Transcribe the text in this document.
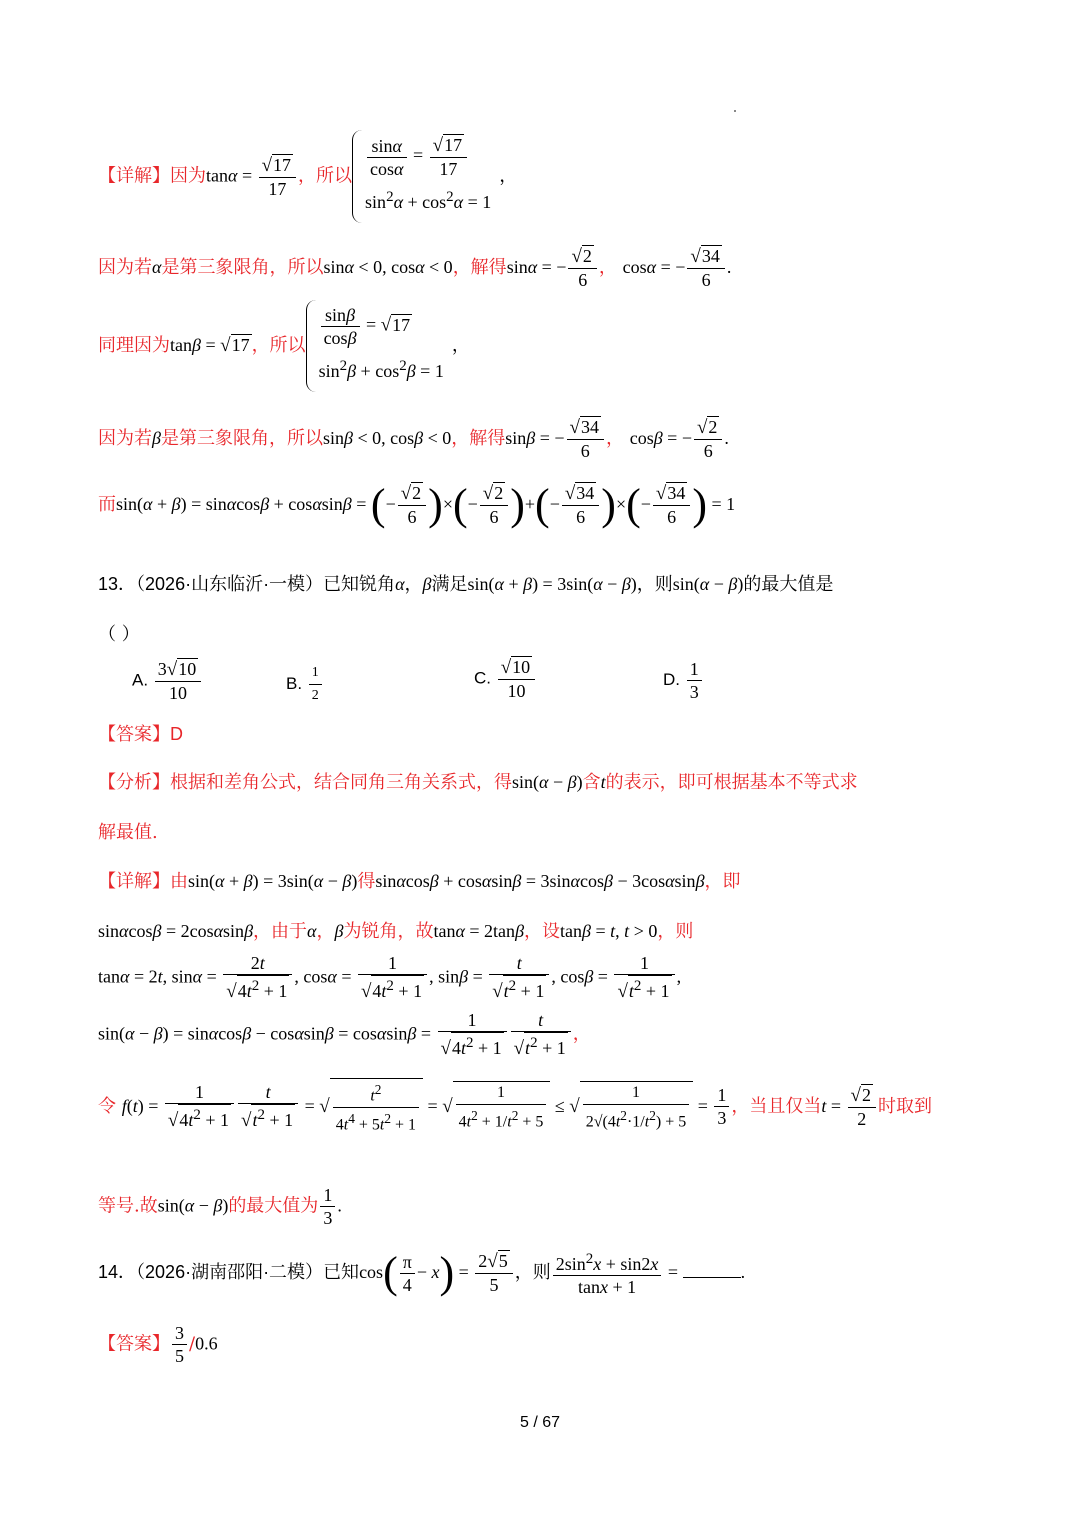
【详解】因为$\tan\alpha = \frac{√17}{17}$ ，所以 $\frac{\sin\alpha}{\cos\alpha} = \frac{√17}{17}$
$\sin^2\alpha + \cos^2\alpha = 1$
，
因为若α是第三象限角，所以sinα < 0, cosα < 0，解得sinα = − $\frac{√2}{6}$ ， cosα = − $\frac{√34}{6}$ .
同理因为tanβ = √17 ，所以 $\frac{\sin\beta}{\cos\beta} = √17$
$\sin^2\beta + \cos^2\beta = 1$
，
因为若β是第三象限角，所以sinβ < 0, cosβ < 0，解得sinβ = − $\frac{√34}{6}$ ， cosβ = − $\frac{√2}{6}$ .
而sin(α + β) = sinαcosβ + cosαsinβ = (− $\frac{√2}{6}$ )×(− $\frac{√2}{6}$ )+(− $\frac{√34}{6}$ )×(− $\frac{√34}{6}$ ) = 1
13．（2026·山东临沂·一模）已知锐角α，β满足sin(α + β) = 3sin(α − β)，则sin(α − β)的最大值是
（ ）
A. $\frac{3√10}{10}$	B. $\frac{1}{2}$	C. $\frac{√10}{10}$	D. $\frac{1}{3}$
【答案】D
【分析】根据和差角公式，结合同角三角关系式，得sin(α − β)含t的表示，即可根据基本不等式求
解最值.
【详解】由sin(α + β) = 3sin(α − β)得sinαcosβ + cosαsinβ = 3sinαcosβ − 3cosαsinβ，即
sinαcosβ = 2cosαsinβ，由于α，β为锐角，故tanα = 2tanβ，设tanβ = t, t > 0，则
tanα = 2t, $\sin\alpha = \frac{2t}{√4t^2 + 1}$ , $\cos\alpha = \frac{1}{√4t^2 + 1}$ , $\sin\beta = \frac{t}{√t^2 + 1}$ , $\cos\beta = \frac{1}{√t^2 + 1}$ ,
$\sin(\alpha - \beta) = \sin\alpha\cos\beta - \cos\alpha\sin\beta = \cos\alpha\sin\beta = \frac{1}{√4t^2 + 1} \frac{t}{√t^2 + 1}$ ，
令 $f(t) = \frac{1}{√4t^2 + 1} \frac{t}{√t^2 + 1}$ = √ $\frac{t^2}{4t^4 + 5t^2 + 1}$ = √ $\frac{1}{4t^2 + 1/t^2 + 5}$ ≤ √ $\frac{1}{2√(4t^2\cdot 1/t^2) + 5} = \frac{1}{3}$ ，当且仅当$t = \frac{√2}{2}$ 时取到
等号.故sin(α − β)的最大值为 $\frac{1}{3}$ .
14．（2026·湖南邵阳·二模）已知$\cos( \frac{\pi}{4} - x) = \frac{2√5}{5}$ ，则 $\frac{2\sin^2x + \sin 2x}{\tan x + 1}$ =	.
【答案】 $\frac{3}{5} /0.6$
5 / 67
